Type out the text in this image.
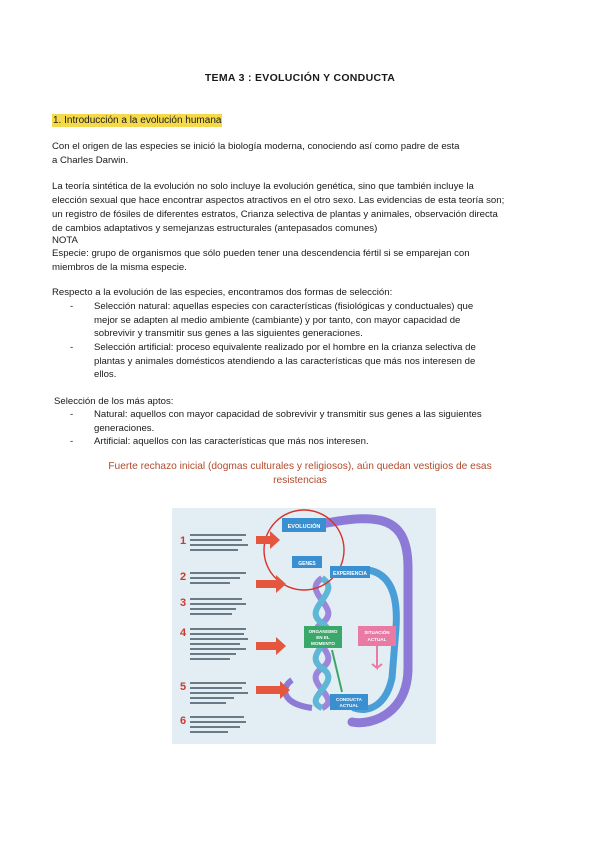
TEMA 3 : EVOLUCIÓN Y CONDUCTA
1. Introducción a la evolución humana

Con el origen de las especies se inició la biología moderna, conociendo así como padre de esta

a Charles Darwin.

La teoría sintética de la evolución no solo incluye la evolución genética, sino que también incluye la

elección sexual que hace encontrar aspectos atractivos en el otro sexo. Las evidencias de esta teoría son;

un registro de fósiles de diferentes estratos, Crianza selectiva de plantas y animales, observación directa

de cambios adaptativos y semejanzas estructurales (antepasados comunes)

NOTA

Especie: grupo de organismos que sólo pueden tener una descendencia fértil si se emparejan con

miembros de la misma especie.

Respecto a la evolución de las especies, encontramos dos formas de selección:

- Selección natural: aquellas especies con características (fisiológicas y conductuales) que
mejor se adapten al medio ambiente (cambiante) y por tanto, con mayor capacidad de
sobrevivir y transmitir sus genes a las siguientes generaciones.
- Selección artificial: proceso equivalente realizado por el hombre en la crianza selectiva de
plantas y animales domésticos atendiendo a las características que más nos interesen de
ellos.

Selección de los más aptos:

- Natural: aquellos con mayor capacidad de sobrevivir y transmitir sus genes a las siguientes
generaciones.
- Artificial: aquellos con las características que más nos interesen.
Fuerte rechazo inicial (dogmas culturales y religiosos), aún quedan vestigios de esas
resistencias
1
2
3
4
5
6
EVOLUCIÓN
GENES
EXPERIENCIA
ORGANISMO
EN EL
MOMENTO
SITUACIÓN
ACTUAL
CONDUCTA
ACTUAL
